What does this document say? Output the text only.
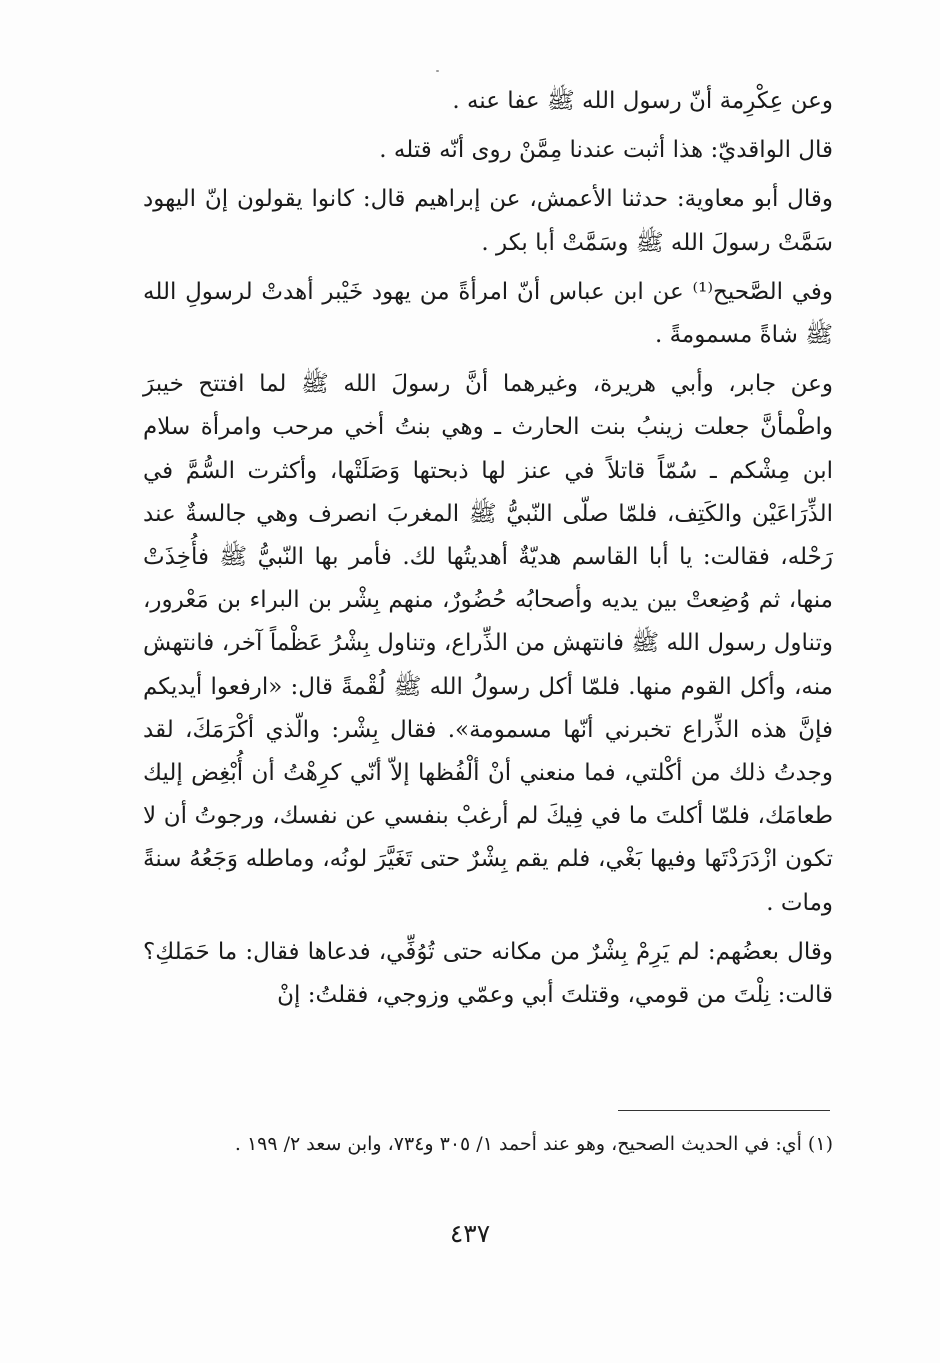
وعن عِكْرِمة أنّ رسول الله ﷺ عفا عنه .

قال الواقديّ: هذا أثبت عندنا مِمَّنْ روى أنّه قتله .

وقال أبو معاوية: حدثنا الأعمش، عن إبراهيم قال: كانوا يقولون إنّ اليهود سَمَّتْ رسولَ الله ﷺ وسَمَّتْ أبا بكر .

وفي الصَّحيح⁽¹⁾ عن ابن عباس أنّ امرأةً من يهود خَيْبر أهدتْ لرسولِ الله ﷺ شاةً مسمومةً .

وعن جابر، وأبي هريرة، وغيرهما أنَّ رسولَ الله ﷺ لما افتتح خيبرَ واطْمأنَّ جعلت زينبُ بنت الحارث ـ وهي بنتُ أخي مرحب وامرأة سلام ابن مِشْكم ـ سُمّاً قاتلاً في عنز لها ذبحتها وَصَلَتْها، وأكثرت السُّمَّ في الذِّرَاعَيْن والكَتِف، فلمّا صلّى النّبيُّ ﷺ المغربَ انصرف وهي جالسةٌ عند رَحْله، فقالت: يا أبا القاسم هديّةٌ أهديتُها لك. فأمر بها النّبيُّ ﷺ فأُخِذَتْ منها، ثم وُضِعتْ بين يديه وأصحابُه حُضُورٌ، منهم بِشْر بن البراء بن مَعْرور، وتناول رسول الله ﷺ فانتهش من الذِّراع، وتناول بِشْرُ عَظْماً آخر، فانتهش منه، وأكل القوم منها. فلمّا أكل رسولُ الله ﷺ لُقْمةً قال: «ارفعوا أيديكم فإنَّ هذه الذِّراع تخبرني أنّها مسمومة». فقال بِشْر: والّذي أكْرَمَكَ، لقد وجدتُ ذلك من أكْلتي، فما منعني أنْ ألْفُظها إلاّ أنّي كرِهْتُ أن أُبْغِض إليك طعامَك، فلمّا أكلتَ ما في فِيكَ لم أرغبْ بنفسي عن نفسك، ورجوتُ أن لا تكون ازْدَرَدْتَها وفيها بَغْي، فلم يقم بِشْرٌ حتى تَغَيَّرَ لونُه، وماطله وَجَعُهُ سنةً ومات .

وقال بعضُهم: لم يَرِمْ بِشْرٌ من مكانه حتى تُوُفِّي، فدعاها فقال: ما حَمَلكِ؟ قالت: نِلْتَ من قومي، وقتلتَ أبي وعمّي وزوجي، فقلتُ: إنْ

(١) أي: في الحديث الصحيح، وهو عند أحمد ١/ ٣٠٥ و٧٣٤، وابن سعد ٢/ ١٩٩ .

٤٣٧
